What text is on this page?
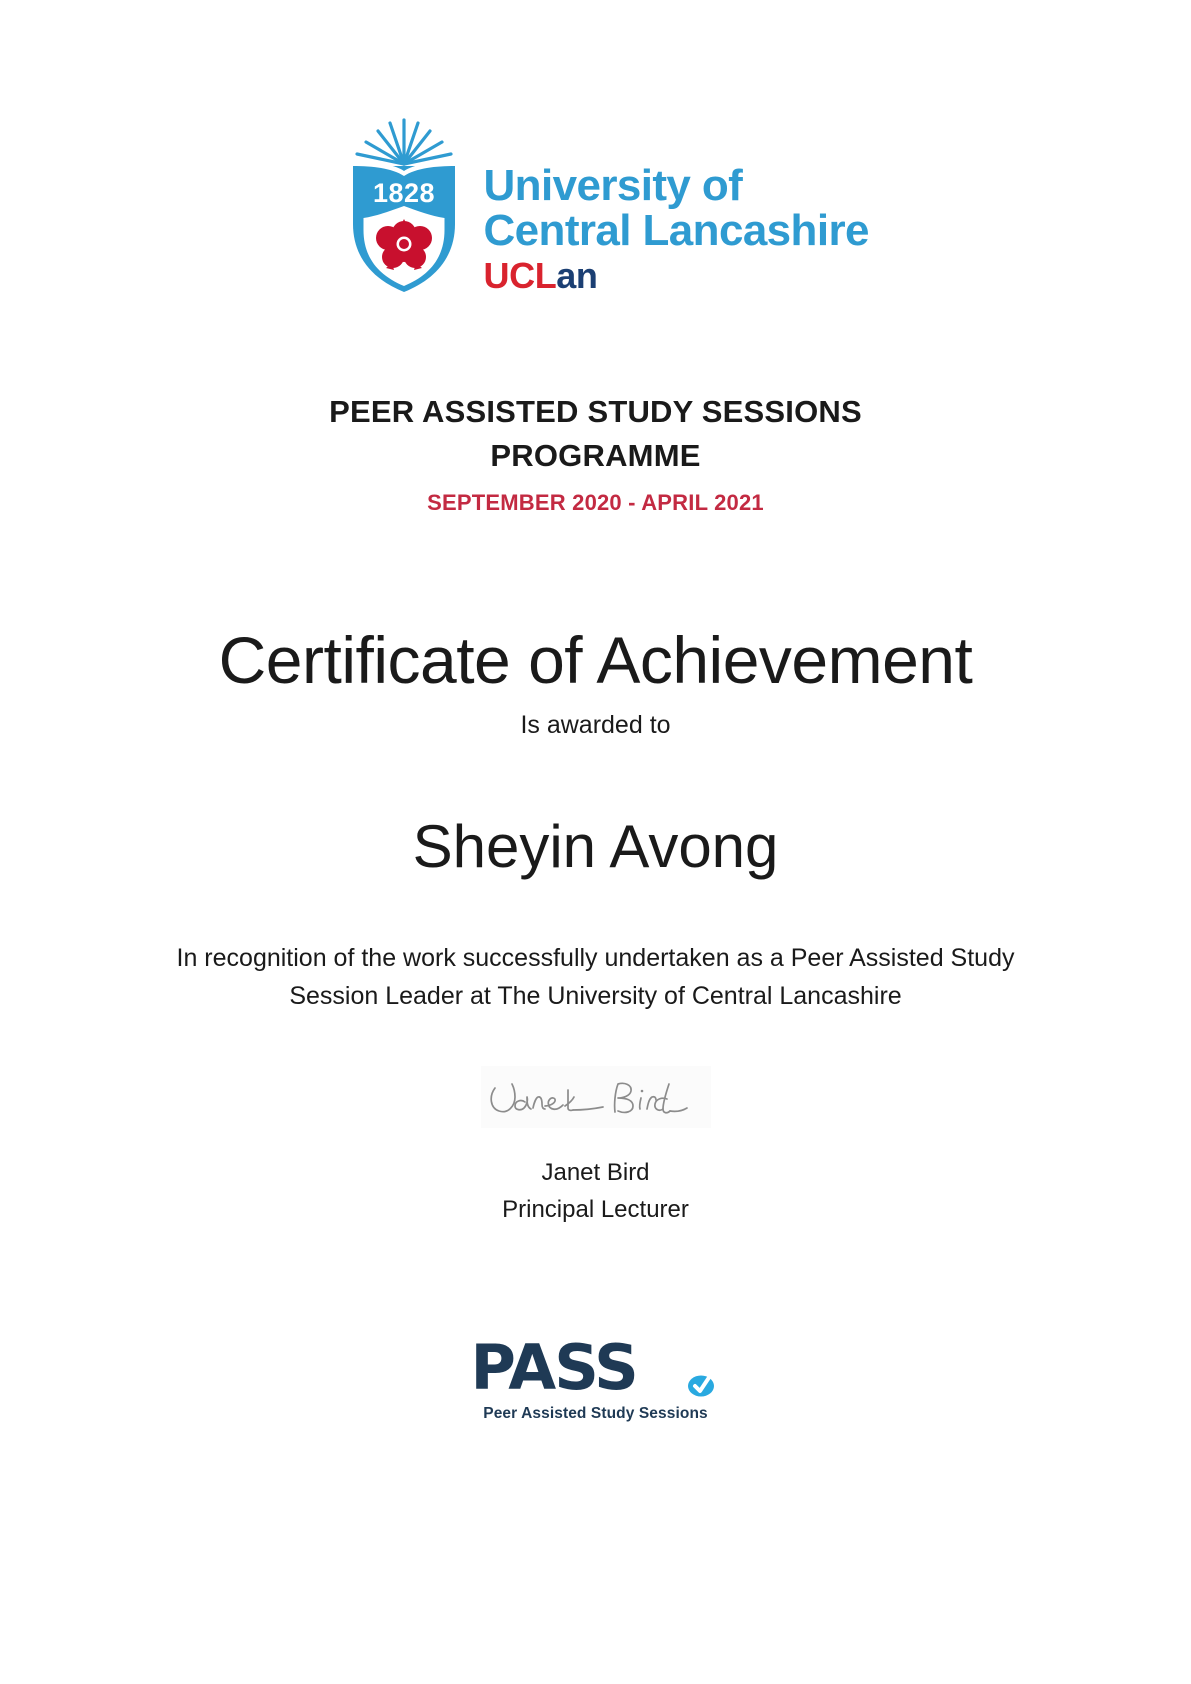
1828 University of
Central Lancashire
UCLan
PEER ASSISTED STUDY SESSIONS
PROGRAMME
SEPTEMBER 2020 - APRIL 2021
Certificate of Achievement
Is awarded to
Sheyin Avong
In recognition of the work successfully undertaken as a Peer Assisted Study
Session Leader at The University of Central Lancashire
Janet Bird
Principal Lecturer
PASS
Peer Assisted Study Sessions
